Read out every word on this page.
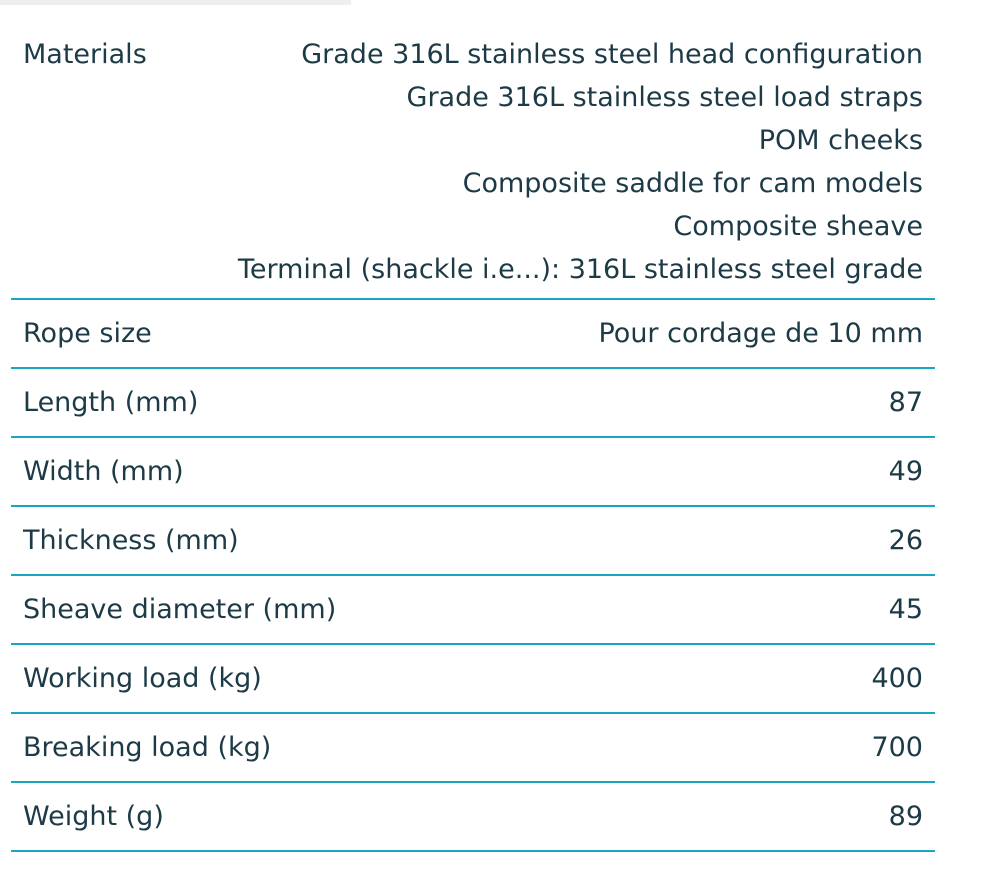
Materials	Grade 316L stainless steel head configuration
Grade 316L stainless steel load straps
POM cheeks
Composite saddle for cam models
Composite sheave
Terminal (shackle i.e...): 316L stainless steel grade
Rope size	Pour cordage de 10 mm
Length (mm)	87
Width (mm)	49
Thickness (mm)	26
Sheave diameter (mm)	45
Working load (kg)	400
Breaking load (kg)	700
Weight (g)	89
